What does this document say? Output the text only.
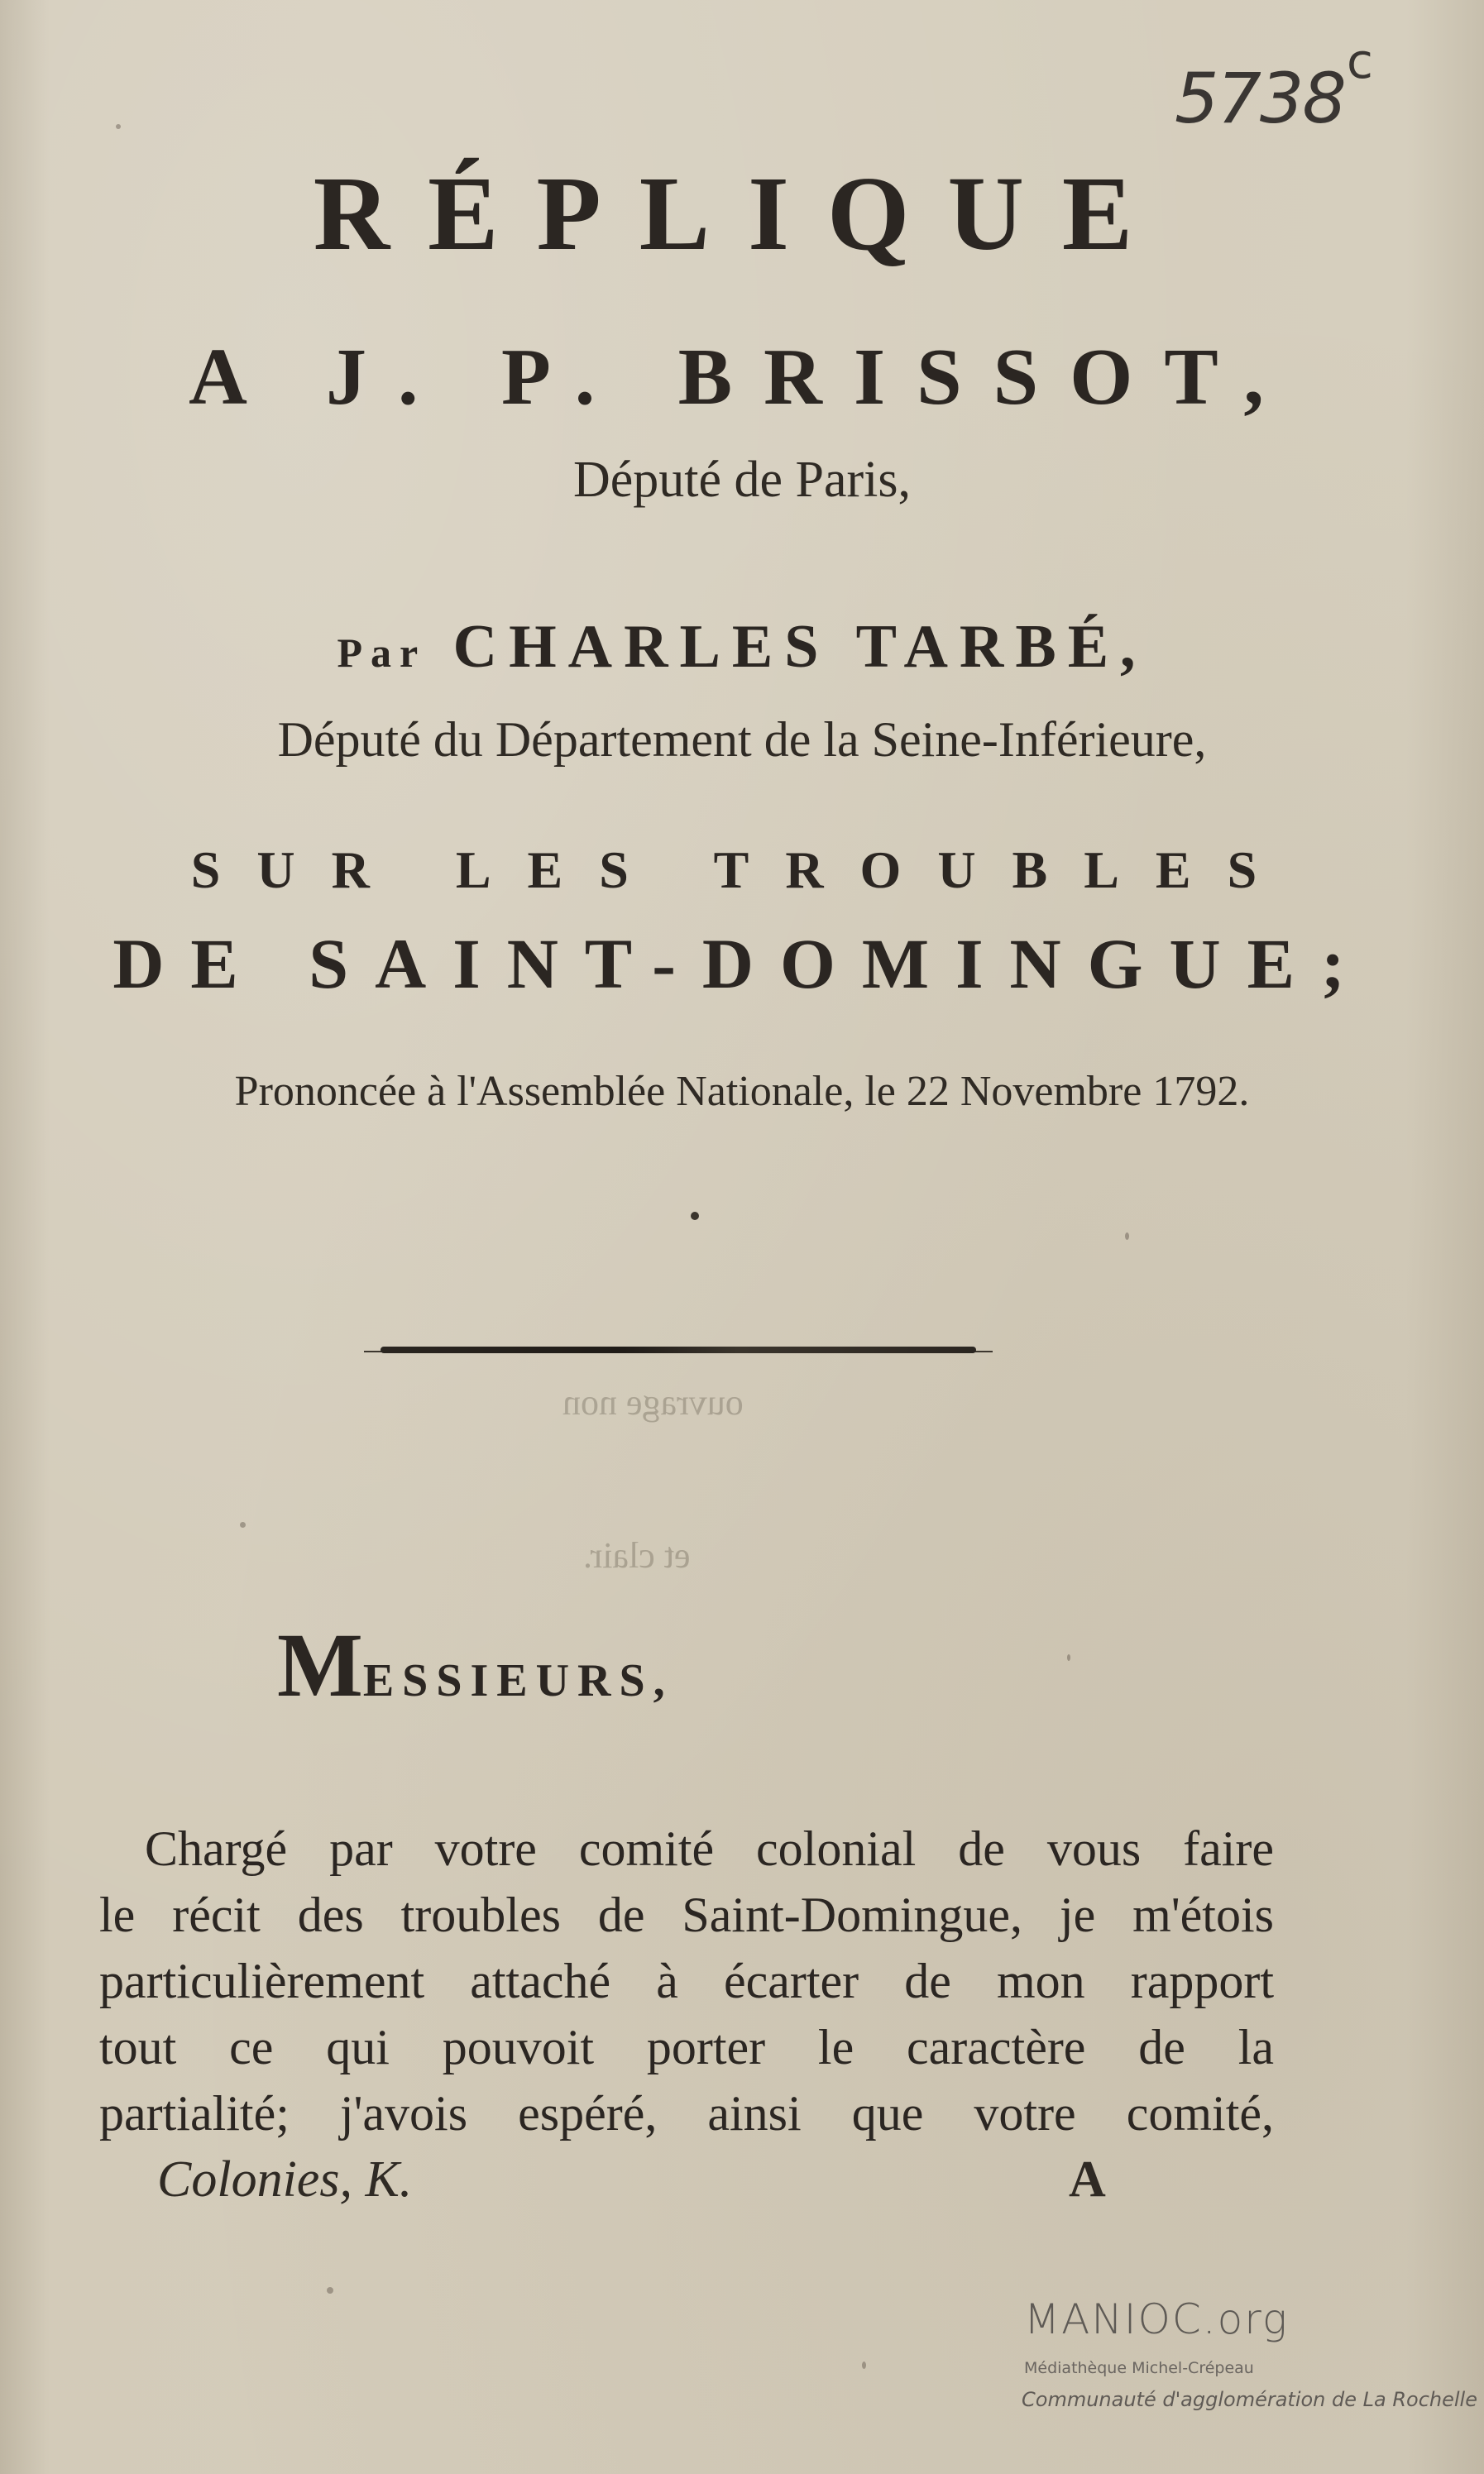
5738 c
RÉPLIQUE
A J. P. BRISSOT,
Député de Paris,
Par CHARLES TARBÉ,
Député du Département de la Seine-Inférieure,
SUR LES TROUBLES
DE SAINT-DOMINGUE;
Prononcée à l'Assemblée Nationale, le 22 Novembre 1792.
ouvrage non
et clair.
MESSIEURS,
Chargé par votre comité colonial de vous faire
le récit des troubles de Saint-Domingue, je m'étois
particulièrement attaché à écarter de mon rapport
tout ce qui pouvoit porter le caractère de la
partialité; j'avois espéré, ainsi que votre comité,
Colonies, K.	A
MANIOC.org
Médiathèque Michel-Crépeau
Communauté d'agglomération de La Rochelle
